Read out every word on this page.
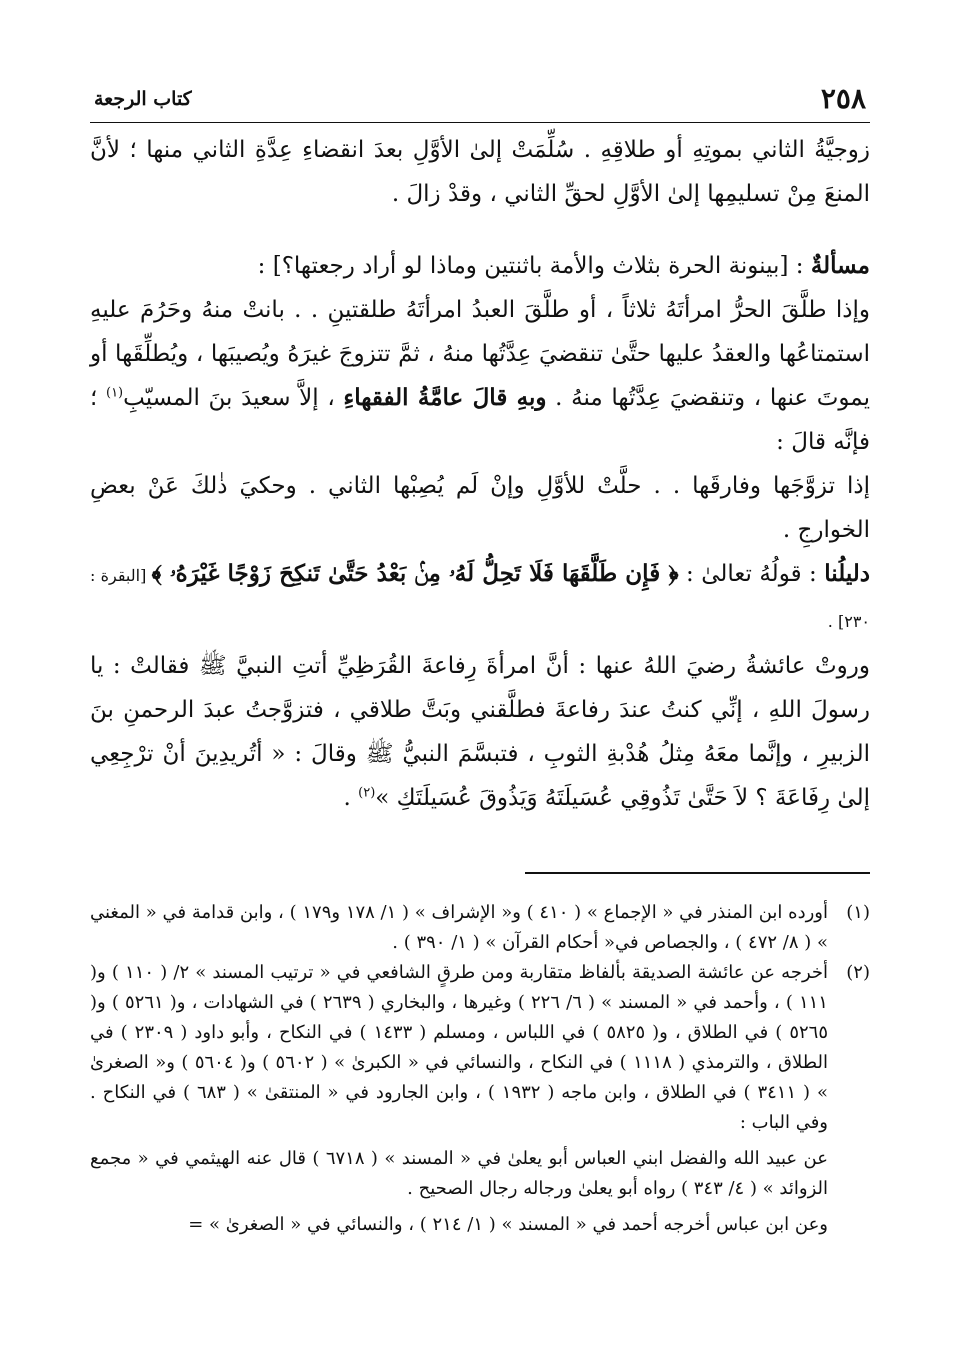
٢٥٨
كتاب الرجعة

زوجيَّةُ الثاني بموتِهِ أو طلاقِهِ . سُلِّمَتْ إلىٰ الأوَّلِ بعدَ انقضاءِ عِدَّةِ الثاني منها ؛ لأنَّ المنعَ مِنْ تسليمِها إلىٰ الأوَّلِ لحقِّ الثاني ، وقدْ زالَ .

مسألةٌ : [بينونة الحرة بثلاث والأمة باثنتين وماذا لو أراد رجعتها؟] :

وإذا طلَّقَ الحرُّ امرأتَهُ ثلاثاً ، أو طلَّقَ العبدُ امرأتَهُ طلقتينِ . . بانتْ منهُ وحَرُمَ عليهِ استمتاعُها والعقدُ عليها حتَّىٰ تنقضيَ عِدَّتُها منهُ ، ثمَّ تتزوجَ غيرَهُ ويُصيبَها ، ويُطلِّقَها أو يموتَ عنها ، وتنقضيَ عِدَّتُها منهُ . وبهِ قالَ عامَّةُ الفقهاءِ ، إلاَّ سعيدَ بنَ المسيّبِ$^{(١)}$ ؛ فإنَّه قالَ :

إذا تزوَّجَها وفارقَها . . حلَّتْ للأوَّلِ وإنْ لَم يُصِبْها الثاني . وحكيَ ذٰلكَ عَنْ بعضِ الخوارجِ .

دليلُنا : قولُهُ تعالىٰ : ﴿ فَإِن طَلَّقَهَا فَلَا تَحِلُّ لَهُۥ مِنۢ بَعْدُ حَتَّىٰ تَنكِحَ زَوْجًا غَيْرَهُۥ ﴾ [البقرة : ٢٣٠] .

وروتْ عائشةُ رضيَ اللهُ عنها : أنَّ امرأةَ رِفاعةَ القُرَظِيِّ أتتِ النبيَّ ﷺ فقالتْ : يا رسولَ اللهِ ، إنِّي كنتُ عندَ رفاعةَ فطلَّقني وبَتَّ طلاقي ، فتزوَّجتُ عبدَ الرحمنِ بنَ الزبيرِ ، وإنَّما معَهُ مِثلُ هُدْبةِ الثوبِ ، فتبسَّمَ النبيُّ ﷺ وقالَ : « أتُريدِينَ أنْ ترْجِعِي إلىٰ رِفَاعَةَ ؟ لاَ حَتَّىٰ تَذُوقِي عُسَيلَتَهُ وَيَذُوقَ عُسَيلَتَكِ »$^{(٢)}$ .

(١)

أورده ابن المنذر في « الإجماع » ( ٤١٠ ) و« الإشراف » ( ١/ ١٧٨ و١٧٩ ) ، وابن قدامة في « المغني » ( ٨/ ٤٧٢ ) ، والجصاص في« أحكام القرآن » ( ١/ ٣٩٠ ) .

(٢)

أخرجه عن عائشة الصديقة بألفاظ متقاربة ومن طرقٍ الشافعي في « ترتيب المسند » ٢/ ( ١١٠ ) و( ١١١ ) ، وأحمد في « المسند » ( ٦/ ٢٢٦ ) وغيرها ، والبخاري ( ٢٦٣٩ ) في الشهادات ، و( ٥٢٦١ ) و( ٥٢٦٥ ) في الطلاق ، و( ٥٨٢٥ ) في اللباس ، ومسلم ( ١٤٣٣ ) في النكاح ، وأبو داود ( ٢٣٠٩ ) في الطلاق ، والترمذي ( ١١١٨ ) في النكاح ، والنسائي في « الكبرىٰ » ( ٥٦٠٢ ) و( ٥٦٠٤ ) و« الصغرىٰ » ( ٣٤١١ ) في الطلاق ، وابن ماجه ( ١٩٣٢ ) ، وابن الجارود في « المنتقىٰ » ( ٦٨٣ ) في النكاح . وفي الباب :

عن عبيد الله والفضل ابني العباس أبو يعلىٰ في « المسند » ( ٦٧١٨ ) قال عنه الهيثمي في « مجمع الزوائد » ( ٤/ ٣٤٣ ) رواه أبو يعلىٰ ورجاله رجال الصحيح .

وعن ابن عباس أخرجه أحمد في « المسند » ( ١/ ٢١٤ ) ، والنسائي في « الصغرىٰ » =
